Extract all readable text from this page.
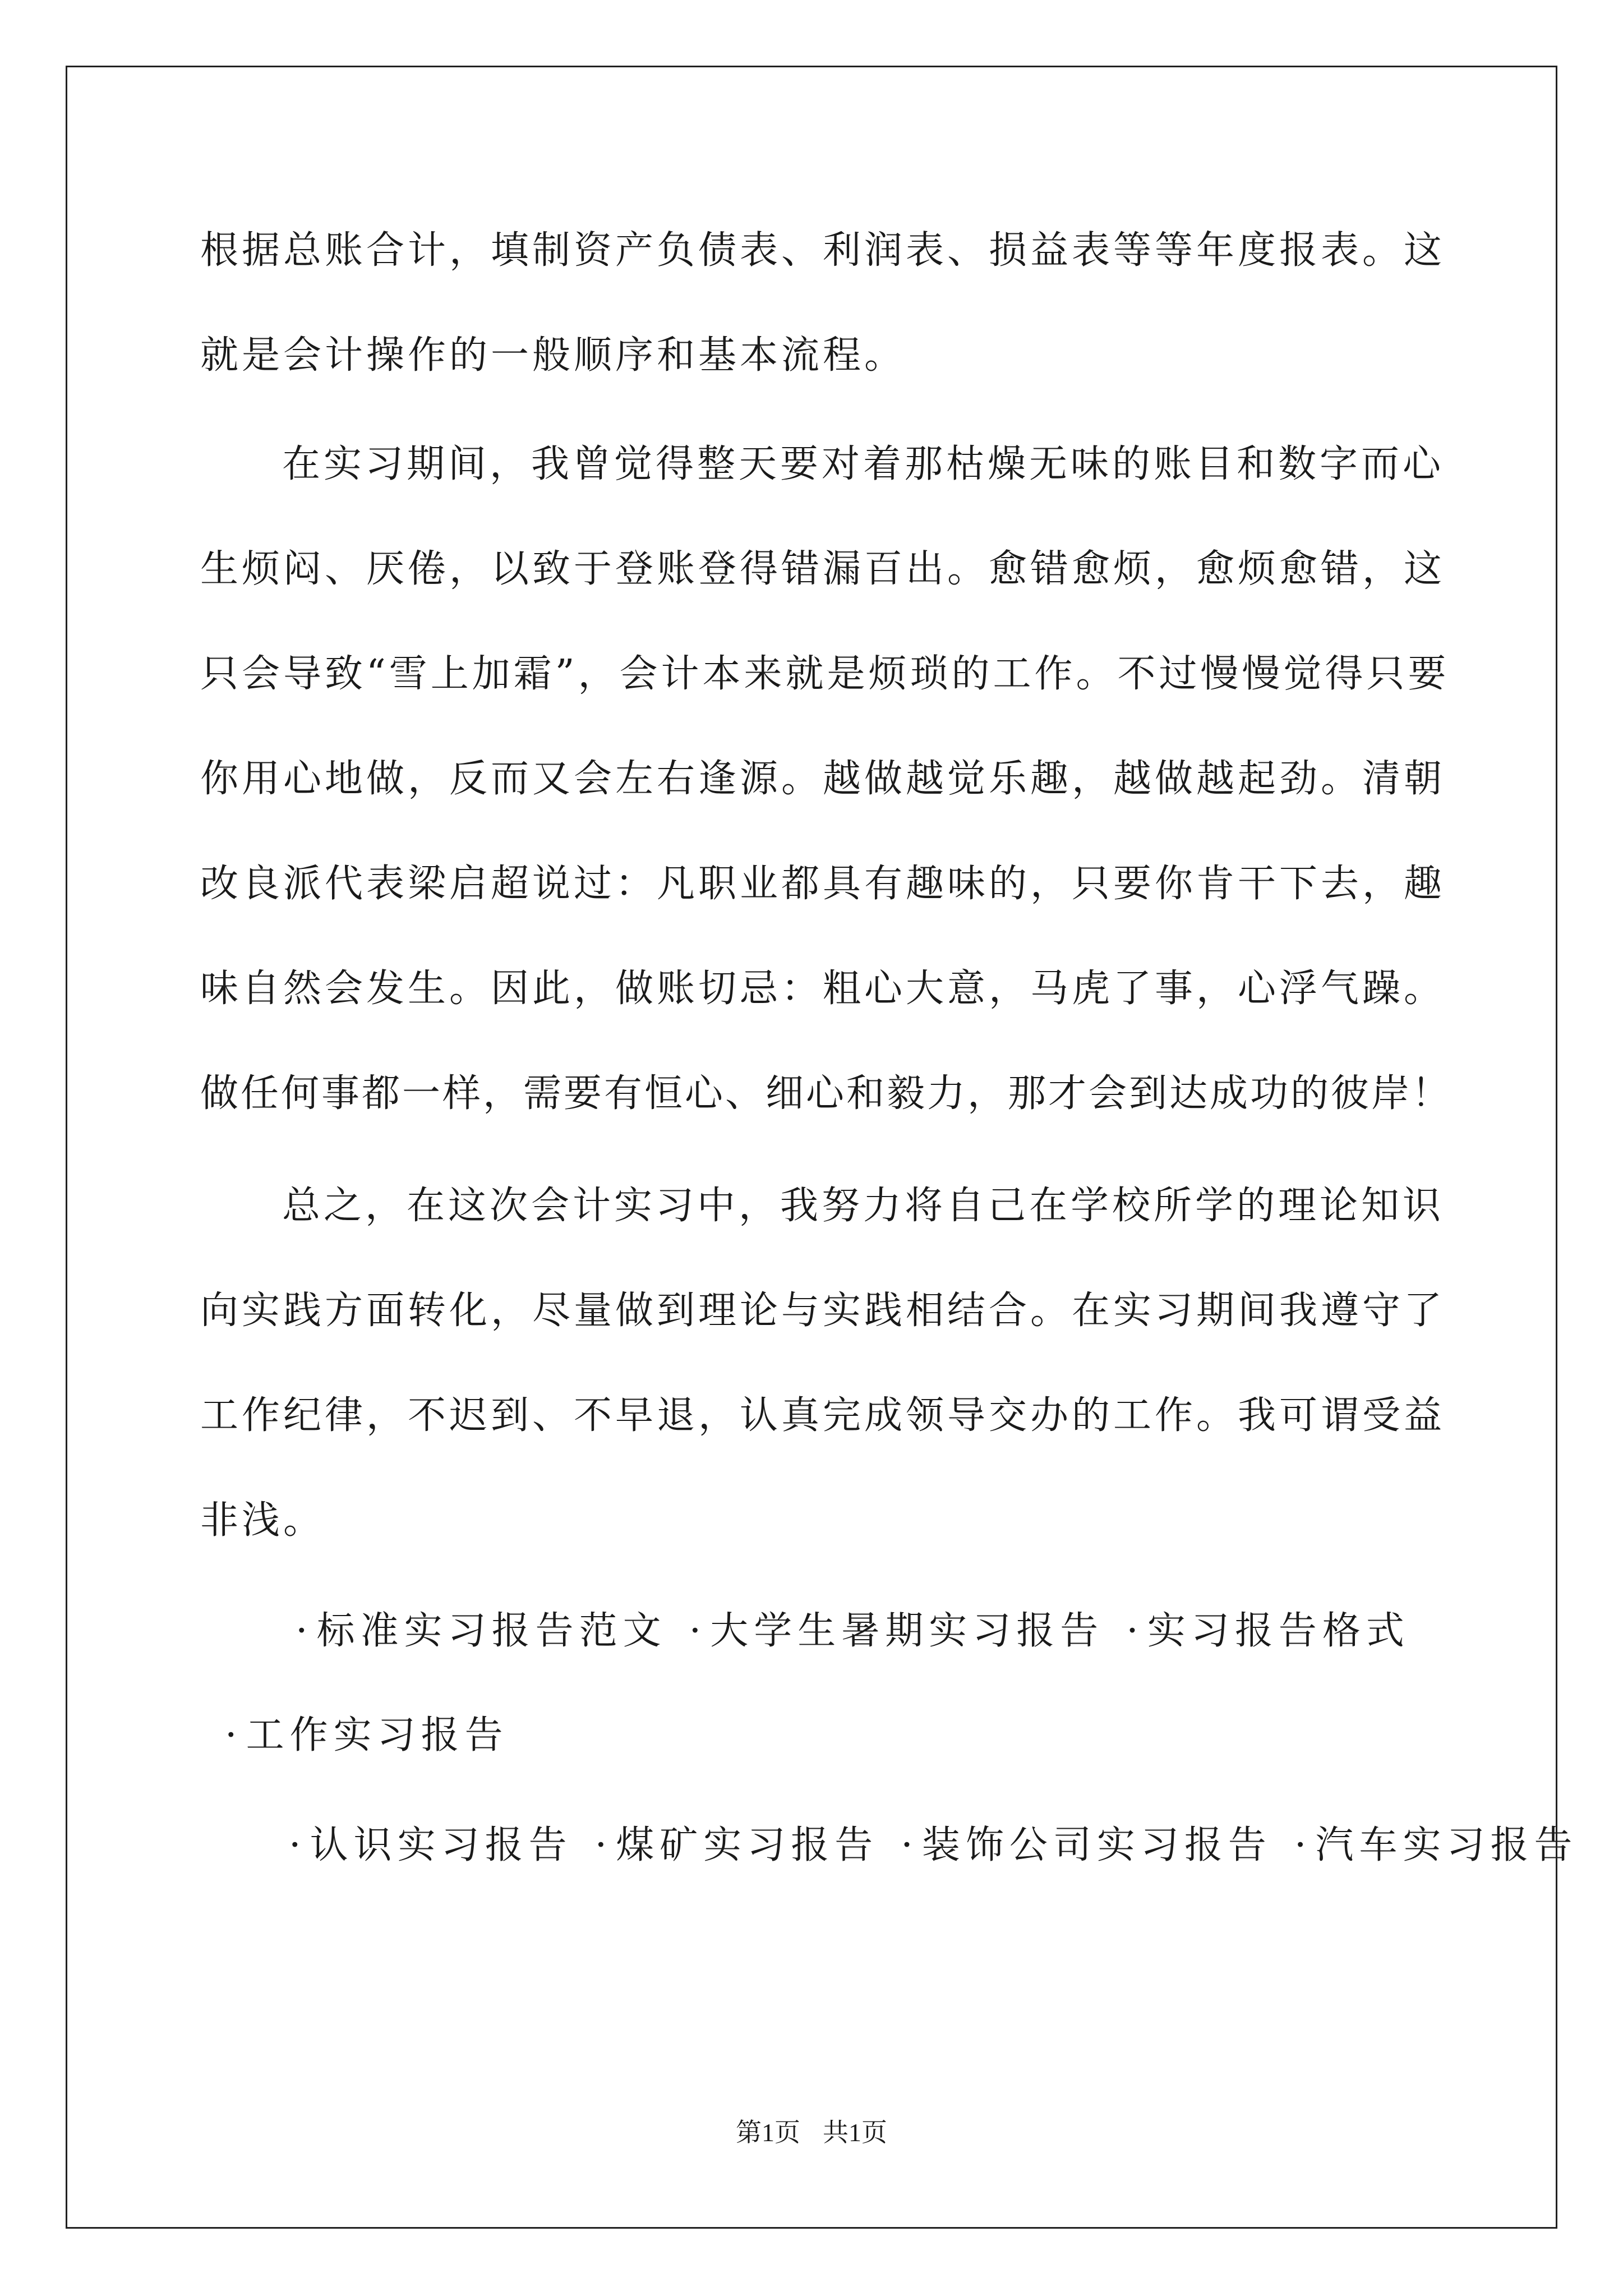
根据总账合计，填制资产负债表、利润表、损益表等等年度报表。这

就是会计操作的一般顺序和基本流程。

在实习期间，我曾觉得整天要对着那枯燥无味的账目和数字而心

生烦闷、厌倦，以致于登账登得错漏百出。愈错愈烦，愈烦愈错，这

只会导致“雪上加霜”，会计本来就是烦琐的工作。不过慢慢觉得只要

你用心地做，反而又会左右逢源。越做越觉乐趣，越做越起劲。清朝

改良派代表梁启超说过：凡职业都具有趣味的，只要你肯干下去，趣

味自然会发生。因此，做账切忌：粗心大意，马虎了事，心浮气躁。

做任何事都一样，需要有恒心、细心和毅力，那才会到达成功的彼岸！

总之，在这次会计实习中，我努力将自己在学校所学的理论知识

向实践方面转化，尽量做到理论与实践相结合。在实习期间我遵守了

工作纪律，不迟到、不早退，认真完成领导交办的工作。我可谓受益

非浅。

·标准实习报告范文 ·大学生暑期实习报告 ·实习报告格式

·工作实习报告

·认识实习报告 ·煤矿实习报告 ·装饰公司实习报告 ·汽车实习报告

第1页 共1页
